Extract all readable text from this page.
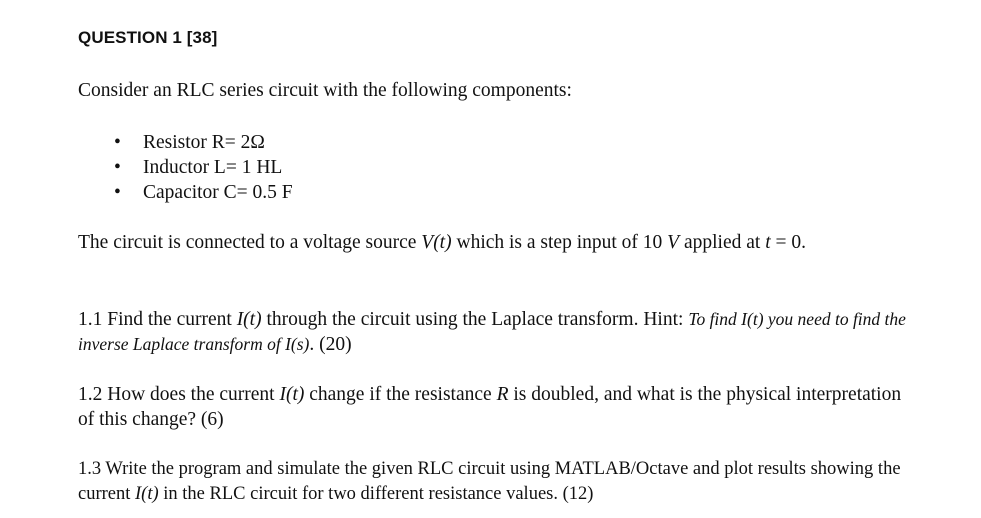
QUESTION 1 [38]
Consider an RLC series circuit with the following components:
• Resistor R= 2Ω
• Inductor L= 1 HL
• Capacitor C= 0.5 F
The circuit is connected to a voltage source V(t) which is a step input of 10 V applied at t = 0.
1.1 Find the current I(t) through the circuit using the Laplace transform. Hint: To find I(t) you need to find the inverse Laplace transform of I(s). (20)
1.2 How does the current I(t) change if the resistance R is doubled, and what is the physical interpretation of this change? (6)
1.3 Write the program and simulate the given RLC circuit using MATLAB/Octave and plot results showing the current I(t) in the RLC circuit for two different resistance values. (12)
